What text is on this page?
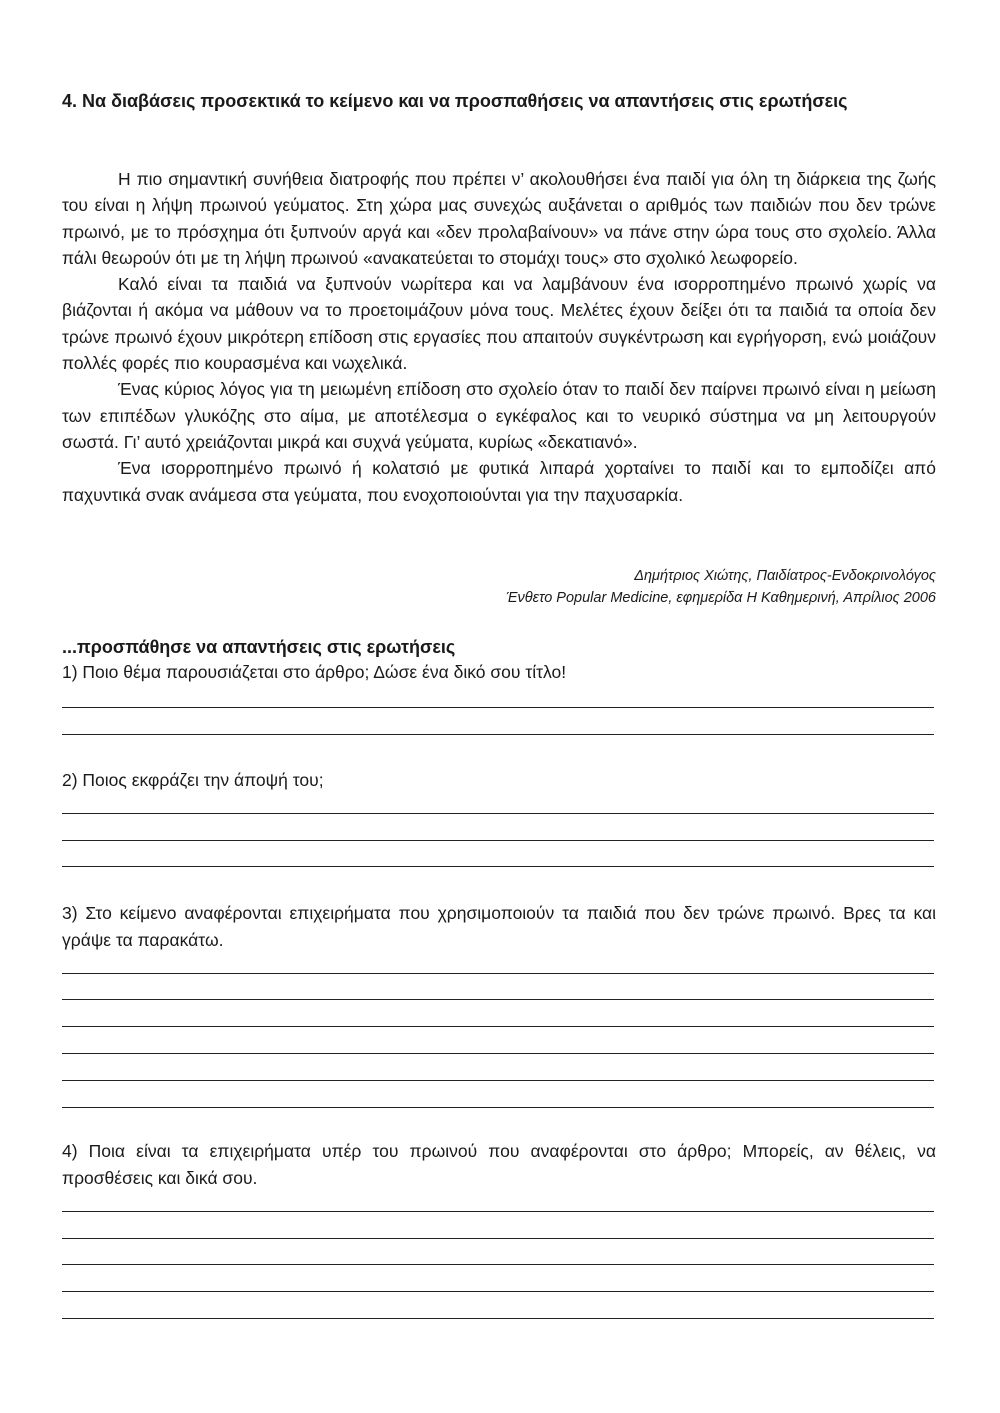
4. Να διαβάσεις προσεκτικά το κείμενο και να προσπαθήσεις να απαντήσεις στις ερωτήσεις

Η πιο σημαντική συνήθεια διατροφής που πρέπει ν’ ακολουθήσει ένα παιδί για όλη τη διάρκεια της ζωής του είναι η λήψη πρωινού γεύματος. Στη χώρα μας συνεχώς αυξάνεται ο αριθμός των παιδιών που δεν τρώνε πρωινό, με το πρόσχημα ότι ξυπνούν αργά και «δεν προλαβαίνουν» να πάνε στην ώρα τους στο σχολείο. Άλλα πάλι θεωρούν ότι με τη λήψη πρωινού «ανακατεύεται το στομάχι τους» στο σχολικό λεωφορείο.

Καλό είναι τα παιδιά να ξυπνούν νωρίτερα και να λαμβάνουν ένα ισορροπημένο πρωινό χωρίς να βιάζονται ή ακόμα να μάθουν να το προετοιμάζουν μόνα τους. Μελέτες έχουν δείξει ότι τα παιδιά τα οποία δεν τρώνε πρωινό έχουν μικρότερη επίδοση στις εργασίες που απαιτούν συγκέντρωση και εγρήγορση, ενώ μοιάζουν πολλές φορές πιο κουρασμένα και νωχελικά.

Ένας κύριος λόγος για τη μειωμένη επίδοση στο σχολείο όταν το παιδί δεν παίρνει πρωινό είναι η μείωση των επιπέδων γλυκόζης στο αίμα, με αποτέλεσμα ο εγκέφαλος και το νευρικό σύστημα να μη λειτουργούν σωστά. Γι’ αυτό χρειάζονται μικρά και συχνά γεύματα, κυρίως «δεκατιανό».

Ένα ισορροπημένο πρωινό ή κολατσιό με φυτικά λιπαρά χορταίνει το παιδί και το εμποδίζει από παχυντικά σνακ ανάμεσα στα γεύματα, που ενοχοποιούνται για την παχυσαρκία.

Δημήτριος Χιώτης, Παιδίατρος-Ενδοκρινολόγος
Ένθετο Popular Medicine, εφημερίδα Η Καθημερινή, Απρίλιος 2006
...προσπάθησε να απαντήσεις στις ερωτήσεις
1) Ποιο θέμα παρουσιάζεται στο άρθρο; Δώσε ένα δικό σου τίτλο!
2) Ποιος εκφράζει την άποψή του;
3) Στο κείμενο αναφέρονται επιχειρήματα που χρησιμοποιούν τα παιδιά που δεν τρώνε πρωινό. Βρες τα και γράψε τα παρακάτω.
4) Ποια είναι τα επιχειρήματα υπέρ του πρωινού που αναφέρονται στο άρθρο; Μπορείς, αν θέλεις, να προσθέσεις και δικά σου.
